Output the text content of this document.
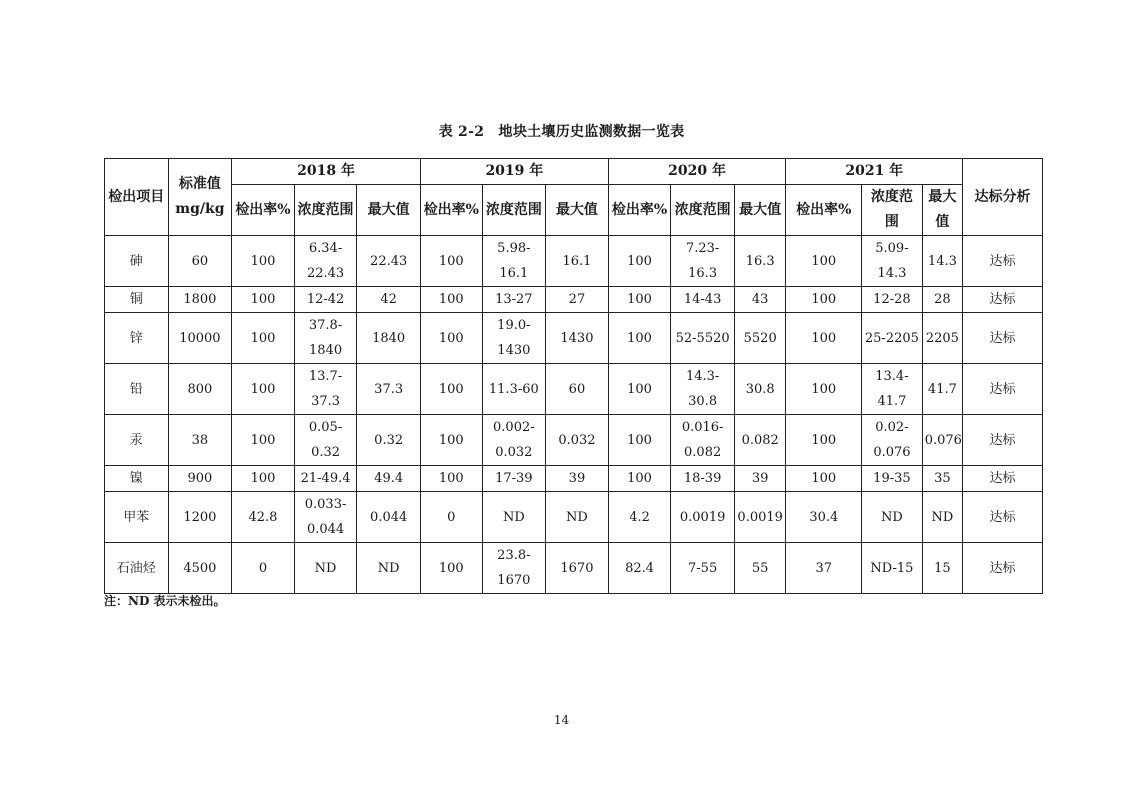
表 2-2　地块土壤历史监测数据一览表
检出项目	标准值 mg/kg	2018 年			2019 年			2020 年			2021 年			达标分析
		检出率%	浓度范围	最大值	检出率%	浓度范围	最大值	检出率%	浓度范围	最大值	检出率%	浓度范围	最大值	
砷	60	100	6.34-22.43	22.43	100	5.98-16.1	16.1	100	7.23-16.3	16.3	100	5.09-14.3	14.3	达标
铜	1800	100	12-42	42	100	13-27	27	100	14-43	43	100	12-28	28	达标
锌	10000	100	37.8-1840	1840	100	19.0-1430	1430	100	52-5520	5520	100	25-2205	2205	达标
铅	800	100	13.7-37.3	37.3	100	11.3-60	60	100	14.3-30.8	30.8	100	13.4-41.7	41.7	达标
汞	38	100	0.05-0.32	0.32	100	0.002-0.032	0.032	100	0.016-0.082	0.082	100	0.02-0.076	0.076	达标
镍	900	100	21-49.4	49.4	100	17-39	39	100	18-39	39	100	19-35	35	达标
甲苯	1200	42.8	0.033-0.044	0.044	0	ND	ND	4.2	0.0019	0.0019	30.4	ND	ND	达标
石油烃	4500	0	ND	ND	100	23.8-1670	1670	82.4	7-55	55	37	ND-15	15	达标
注：ND 表示未检出。
14
